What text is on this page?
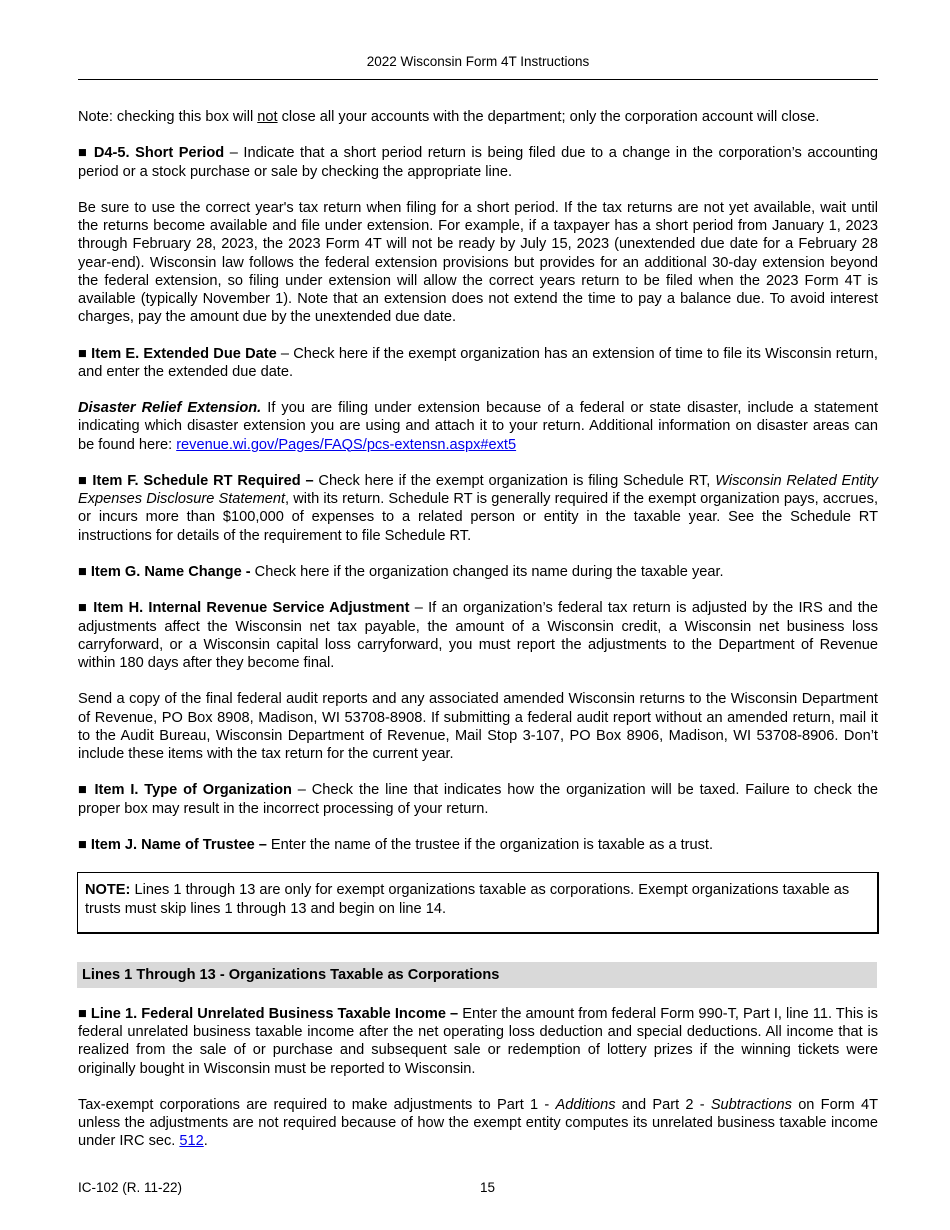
2022 Wisconsin Form 4T Instructions

Note: checking this box will not close all your accounts with the department; only the corporation account will close.

■ D4-5. Short Period – Indicate that a short period return is being filed due to a change in the corporation’s accounting period or a stock purchase or sale by checking the appropriate line.

Be sure to use the correct year's tax return when filing for a short period. If the tax returns are not yet available, wait until the returns become available and file under extension. For example, if a taxpayer has a short period from January 1, 2023 through February 28, 2023, the 2023 Form 4T will not be ready by July 15, 2023 (unextended due date for a February 28 year-end). Wisconsin law follows the federal extension provisions but provides for an additional 30-day extension beyond the federal extension, so filing under extension will allow the correct years return to be filed when the 2023 Form 4T is available (typically November 1). Note that an extension does not extend the time to pay a balance due. To avoid interest charges, pay the amount due by the unextended due date.

■ Item E. Extended Due Date – Check here if the exempt organization has an extension of time to file its Wisconsin return, and enter the extended due date.

Disaster Relief Extension. If you are filing under extension because of a federal or state disaster, include a statement indicating which disaster extension you are using and attach it to your return. Additional information on disaster areas can be found here: revenue.wi.gov/Pages/FAQS/pcs-extensn.aspx#ext5

■ Item F. Schedule RT Required – Check here if the exempt organization is filing Schedule RT, Wisconsin Related Entity Expenses Disclosure Statement, with its return. Schedule RT is generally required if the exempt organization pays, accrues, or incurs more than $100,000 of expenses to a related person or entity in the taxable year. See the Schedule RT instructions for details of the requirement to file Schedule RT.

■ Item G. Name Change - Check here if the organization changed its name during the taxable year.

■ Item H. Internal Revenue Service Adjustment – If an organization’s federal tax return is adjusted by the IRS and the adjustments affect the Wisconsin net tax payable, the amount of a Wisconsin credit, a Wisconsin net business loss carryforward, or a Wisconsin capital loss carryforward, you must report the adjustments to the Department of Revenue within 180 days after they become final.

Send a copy of the final federal audit reports and any associated amended Wisconsin returns to the Wisconsin Department of Revenue, PO Box 8908, Madison, WI 53708-8908. If submitting a federal audit report without an amended return, mail it to the Audit Bureau, Wisconsin Department of Revenue, Mail Stop 3-107, PO Box 8906, Madison, WI 53708-8906. Don’t include these items with the tax return for the current year.

■ Item I. Type of Organization – Check the line that indicates how the organization will be taxed. Failure to check the proper box may result in the incorrect processing of your return.

■ Item J. Name of Trustee – Enter the name of the trustee if the organization is taxable as a trust.

NOTE: Lines 1 through 13 are only for exempt organizations taxable as corporations. Exempt organizations taxable as trusts must skip lines 1 through 13 and begin on line 14.
Lines 1 Through 13 - Organizations Taxable as Corporations

■ Line 1. Federal Unrelated Business Taxable Income – Enter the amount from federal Form 990-T, Part I, line 11. This is federal unrelated business taxable income after the net operating loss deduction and special deductions. All income that is realized from the sale of or purchase and subsequent sale or redemption of lottery prizes if the winning tickets were originally bought in Wisconsin must be reported to Wisconsin.

Tax-exempt corporations are required to make adjustments to Part 1 - Additions and Part 2 - Subtractions on Form 4T unless the adjustments are not required because of how the exempt entity computes its unrelated business taxable income under IRC sec. 512.

IC-102 (R. 11-22)	15
